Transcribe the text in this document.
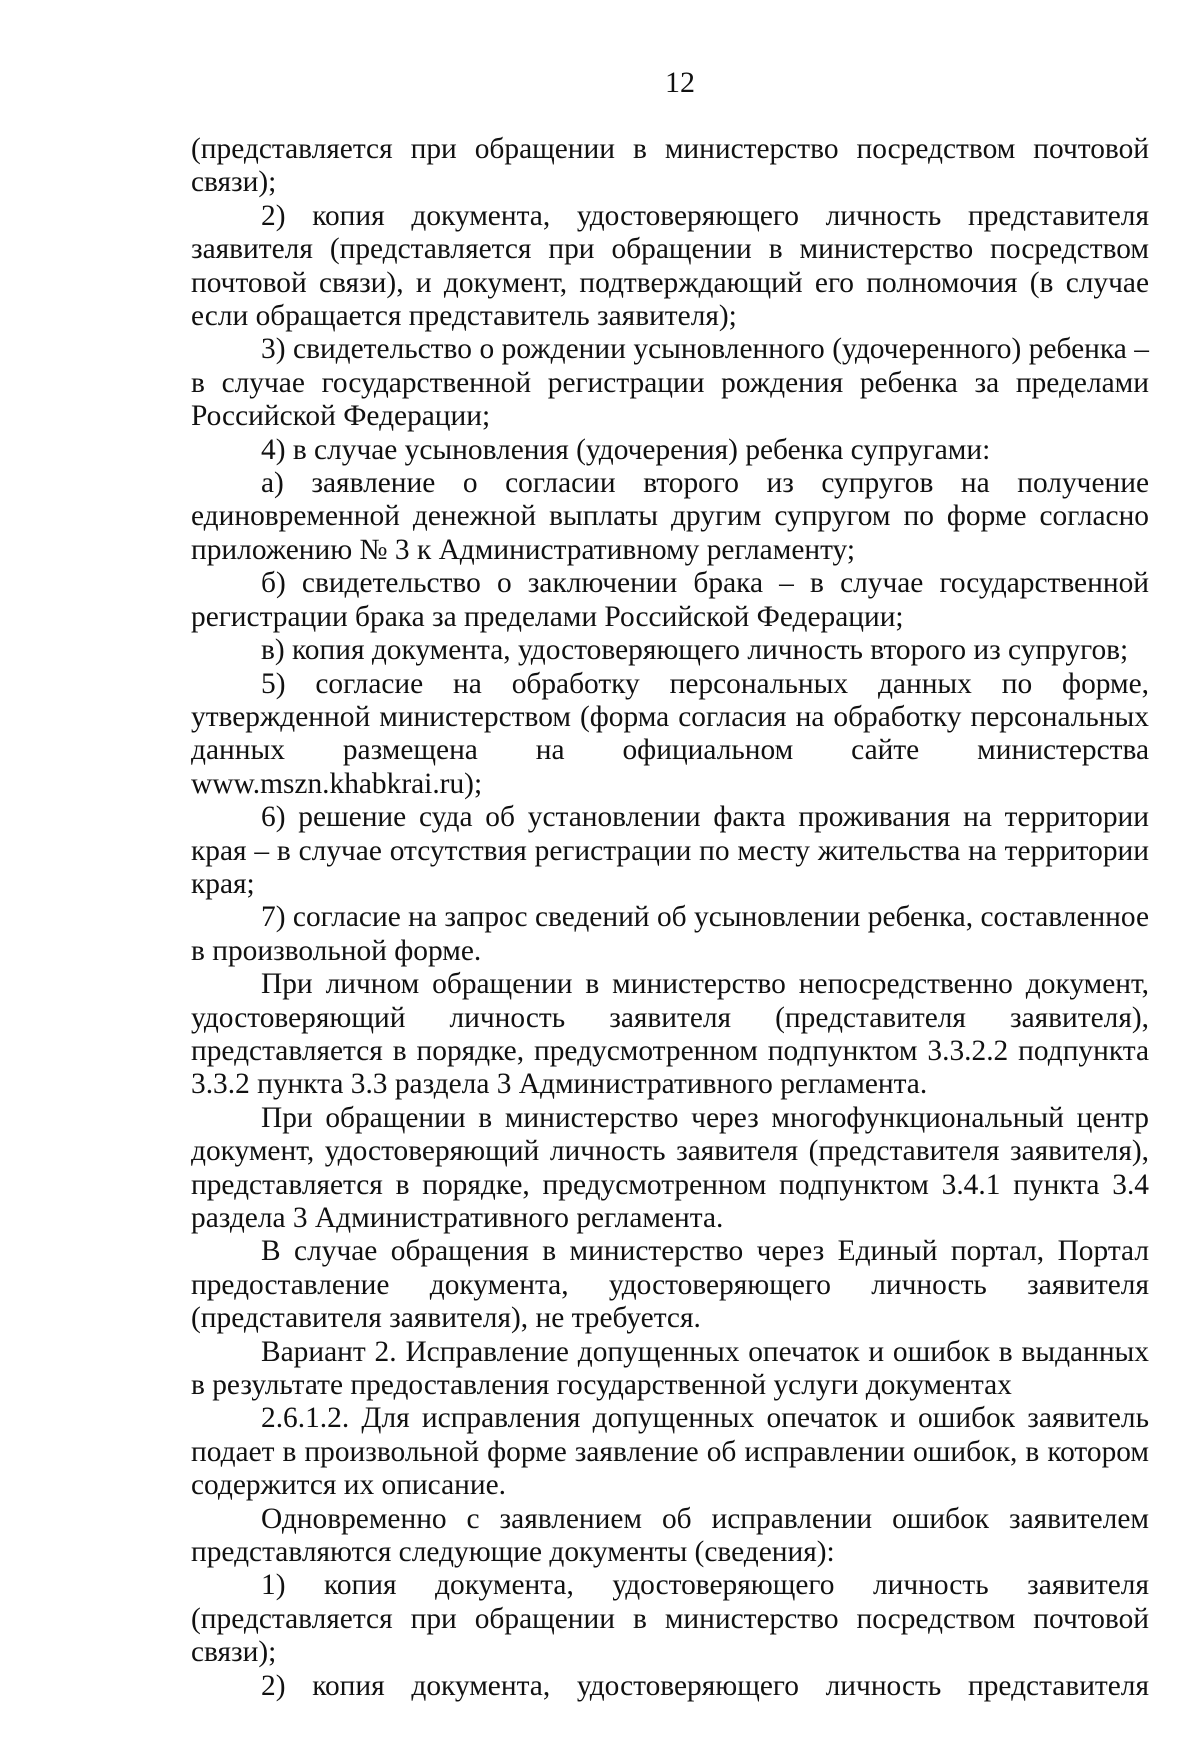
12

(представляется при обращении в министерство посредством почтовой связи);

2) копия документа, удостоверяющего личность представителя заявителя (представляется при обращении в министерство посредством почтовой связи), и документ, подтверждающий его полномочия (в случае если обращается представитель заявителя);

3) свидетельство о рождении усыновленного (удочеренного) ребенка – в случае государственной регистрации рождения ребенка за пределами Российской Федерации;

4) в случае усыновления (удочерения) ребенка супругами:

а) заявление о согласии второго из супругов на получение единовременной денежной выплаты другим супругом по форме согласно приложению № 3 к Административному регламенту;

б) свидетельство о заключении брака – в случае государственной регистрации брака за пределами Российской Федерации;

в) копия документа, удостоверяющего личность второго из супругов;

5) согласие на обработку персональных данных по форме, утвержденной министерством (форма согласия на обработку персональных данных размещена на официальном сайте министерства www.mszn.khabkrai.ru);

6) решение суда об установлении факта проживания на территории края – в случае отсутствия регистрации по месту жительства на территории края;

7) согласие на запрос сведений об усыновлении ребенка, составленное в произвольной форме.

При личном обращении в министерство непосредственно документ, удостоверяющий личность заявителя (представителя заявителя), представляется в порядке, предусмотренном подпунктом 3.3.2.2 подпункта 3.3.2 пункта 3.3 раздела 3 Административного регламента.

При обращении в министерство через многофункциональный центр документ, удостоверяющий личность заявителя (представителя заявителя), представляется в порядке, предусмотренном подпунктом 3.4.1 пункта 3.4 раздела 3 Административного регламента.

В случае обращения в министерство через Единый портал, Портал предоставление документа, удостоверяющего личность заявителя (представителя заявителя), не требуется.

Вариант 2. Исправление допущенных опечаток и ошибок в выданных в результате предоставления государственной услуги документах

2.6.1.2. Для исправления допущенных опечаток и ошибок заявитель подает в произвольной форме заявление об исправлении ошибок, в котором содержится их описание.

Одновременно с заявлением об исправлении ошибок заявителем представляются следующие документы (сведения):

1) копия документа, удостоверяющего личность заявителя (представляется при обращении в министерство посредством почтовой связи);

2) копия документа, удостоверяющего личность представителя
